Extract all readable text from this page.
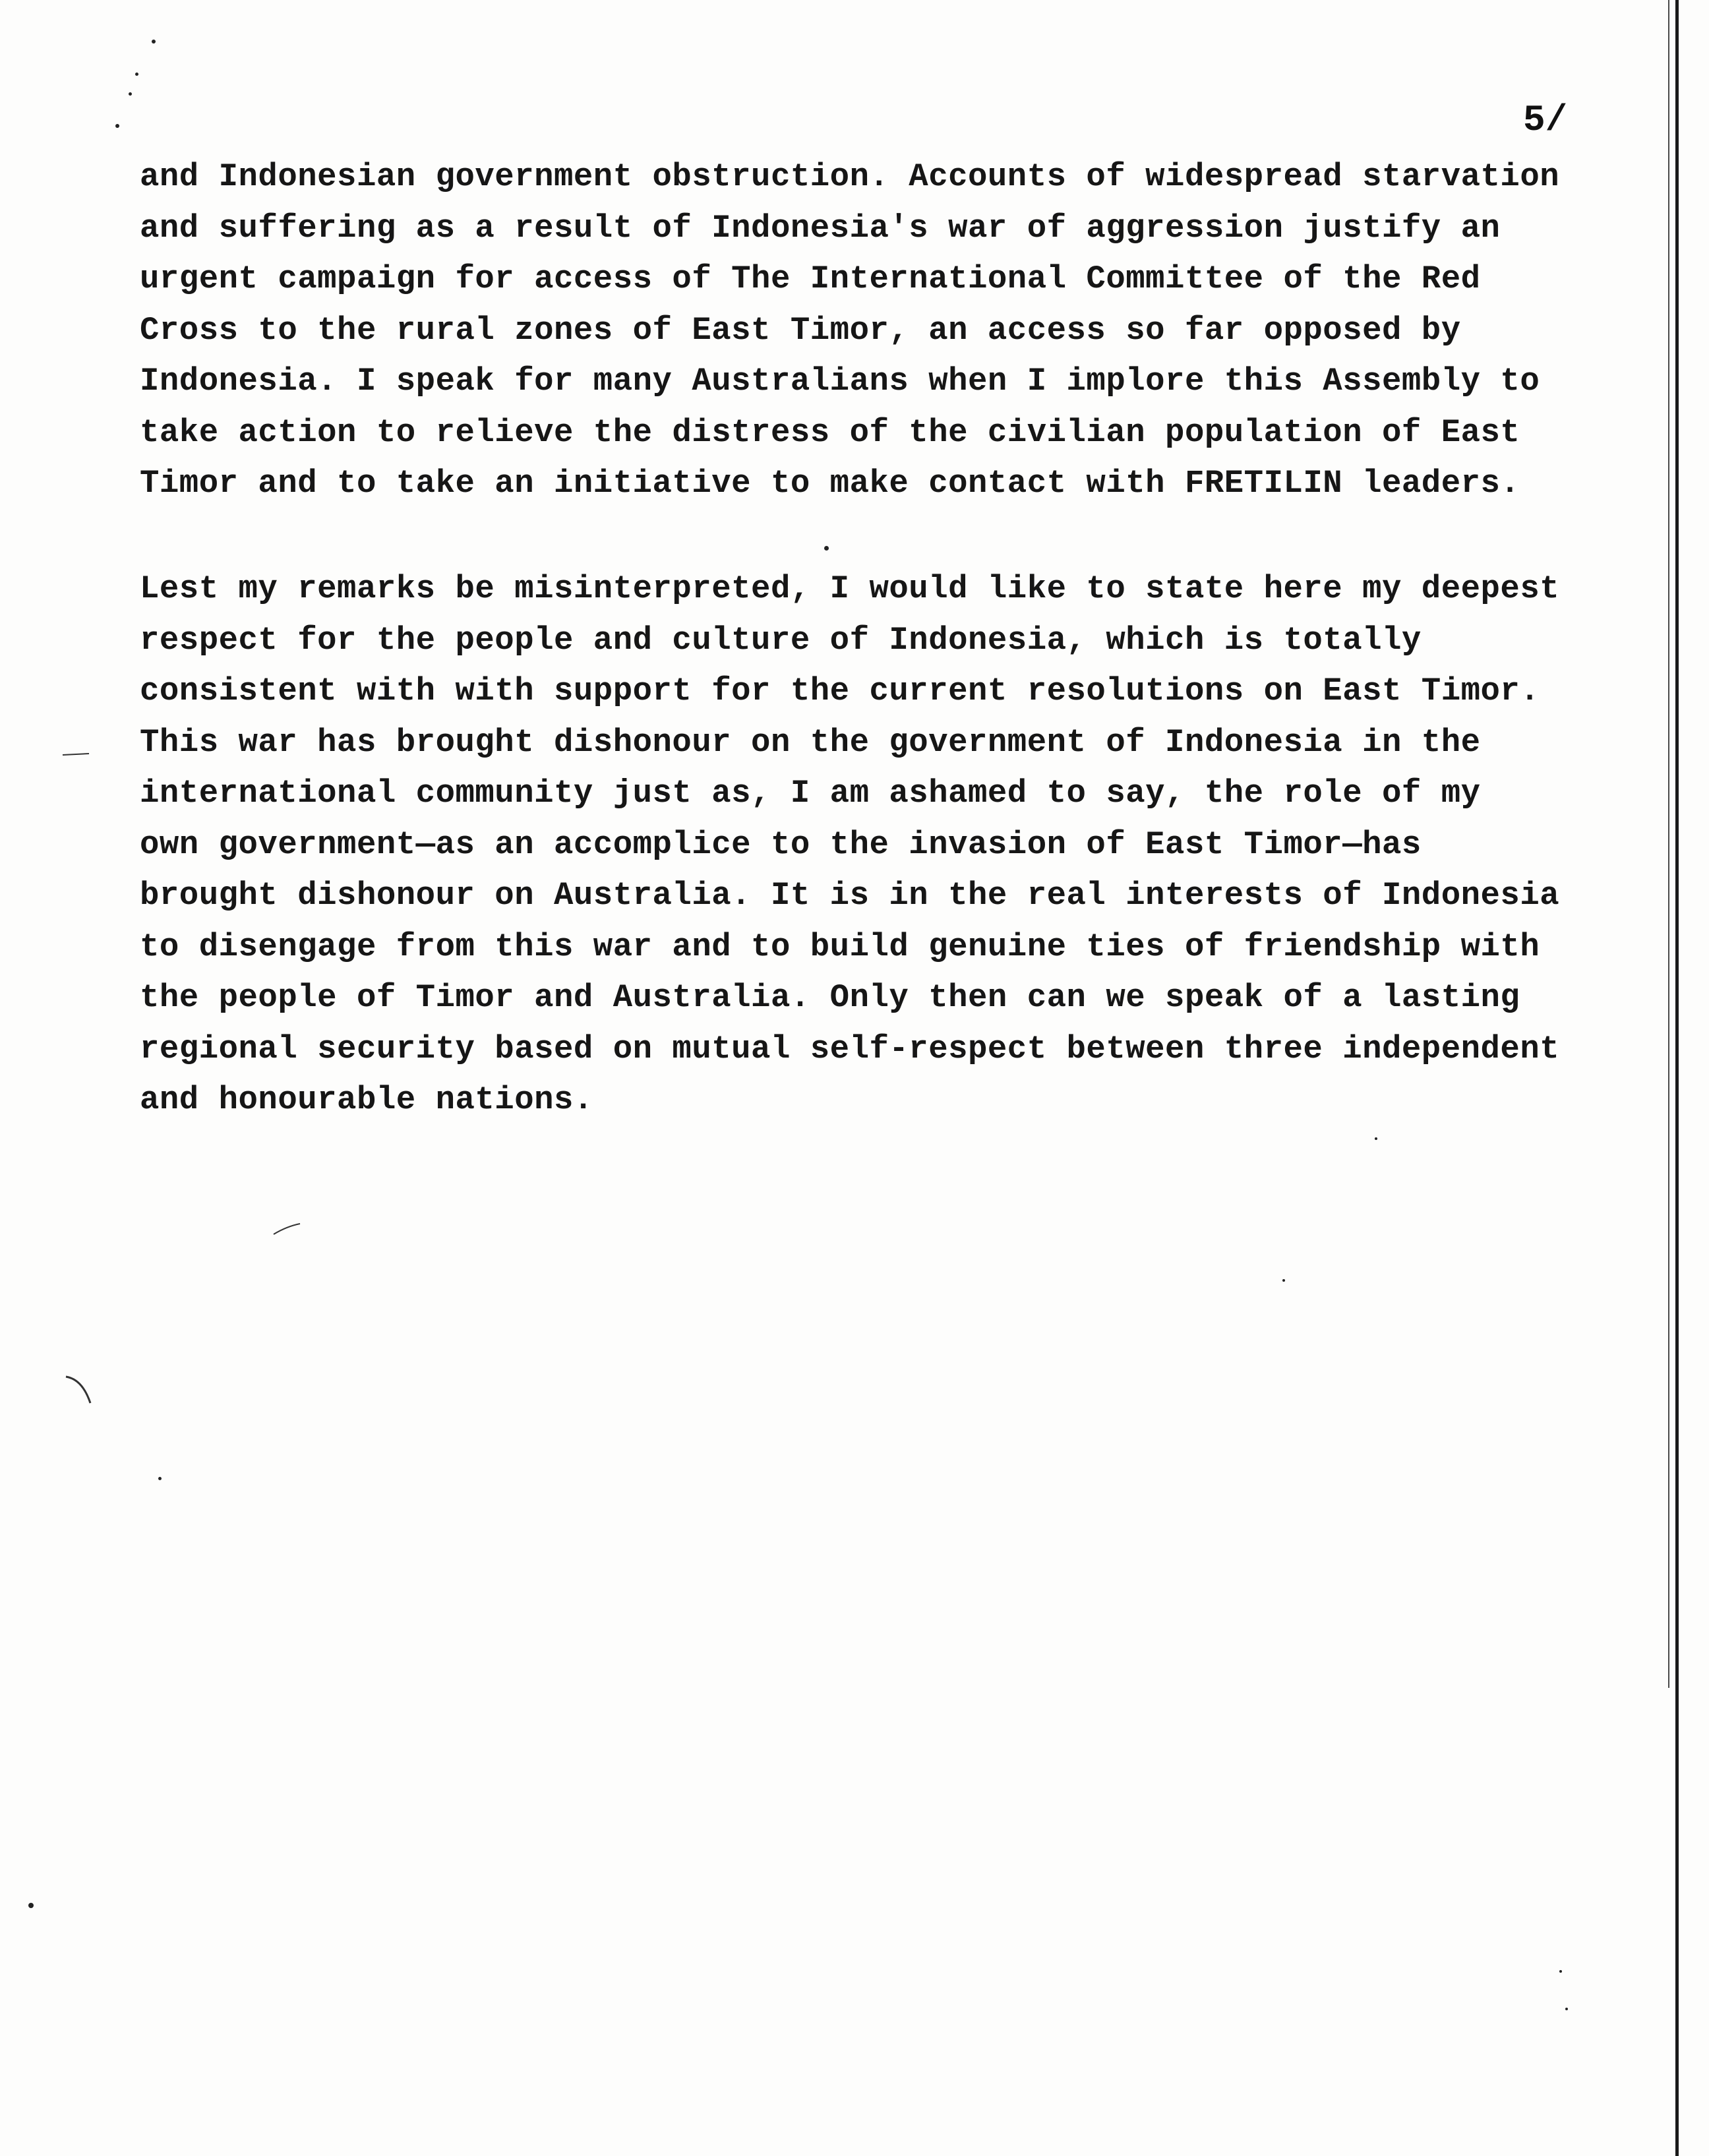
5/
and Indonesian government obstruction. Accounts of widespread starvation
and suffering as a result of Indonesia's war of aggression justify an
urgent campaign for access of The International Committee of the Red
Cross to the rural zones of East Timor, an access so far opposed by
Indonesia. I speak for many Australians when I implore this Assembly to
take action to relieve the distress of the civilian population of East
Timor and to take an initiative to make contact with FRETILIN leaders.
Lest my remarks be misinterpreted, I would like to state here my deepest
respect for the people and culture of Indonesia, which is totally
consistent with with support for the current resolutions on East Timor.
This war has brought dishonour on the government of Indonesia in the
international community just as, I am ashamed to say, the role of my
own government—as an accomplice to the invasion of East Timor—has
brought dishonour on Australia. It is in the real interests of Indonesia
to disengage from this war and to build genuine ties of friendship with
the people of Timor and Australia. Only then can we speak of a lasting
regional security based on mutual self-respect between three independent
and honourable nations.
